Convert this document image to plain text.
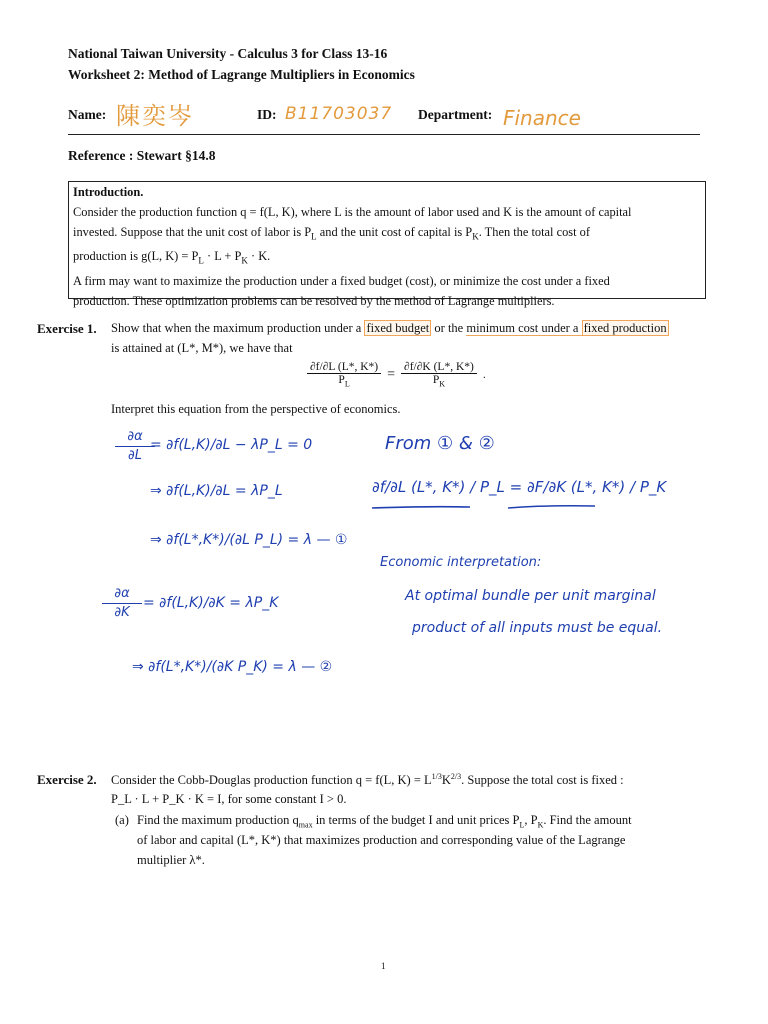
National Taiwan University - Calculus 3 for Class 13-16
Worksheet 2: Method of Lagrange Multipliers in Economics
Name: 陳奕岑	ID: B11703037 Department: Finance
Reference : Stewart §14.8
Introduction.
Consider the production function q = f(L, K), where L is the amount of labor used and K is the amount of capital
invested. Suppose that the unit cost of labor is $P_L$ and the unit cost of capital is $P_K$. Then the total cost of
production is g(L, $K) = P_L \cdot L + P_K \cdot K$.
A firm may want to maximize the production under a fixed budget (cost), or minimize the cost under a fixed
production. These optimization problems can be resolved by the method of Lagrange multipliers.
Exercise 1. Show that when the maximum production under a fixed budget or the minimum cost under a fixed production
is attained at (L*, M*), we have that
$\frac{\partial f/\partial L (L*, K*)}{P_L} = \frac{\partial f/\partial K (L*, K*)}{P_K}$ .
Interpret this equation from the perspective of economics.
∂α
∂L
= ∂f(L,K)/∂L − λP_L = 0
⇒ ∂f(L,K)/∂L = λP_L
⇒ ∂f(L*,K*)/(∂L P_L) = λ — ①
∂α
∂K
= ∂f(L,K)/∂K = λP_K
⇒ ∂f(L*,K*)/(∂K P_K) = λ — ②
From ① & ②
∂f/∂L (L*, K*) / P_L = ∂F/∂K (L*, K*) / P_K
Economic interpretation:
At optimal bundle per unit marginal
product of all inputs must be equal.
Exercise 2. Consider the Cobb-Douglas production function q = f(L, $K) = L^{1/3}K^{2/3}$. Suppose the total cost is fixed :
P_L · L + P_K · K = I, for some constant I > 0.
(a) Find the maximum production $q_{max}$ in terms of the budget I and unit prices $P_L$, $P_K$. Find the amount
of labor and capital (L*, K*) that maximizes production and corresponding value of the Lagrange
multiplier λ*.
1
